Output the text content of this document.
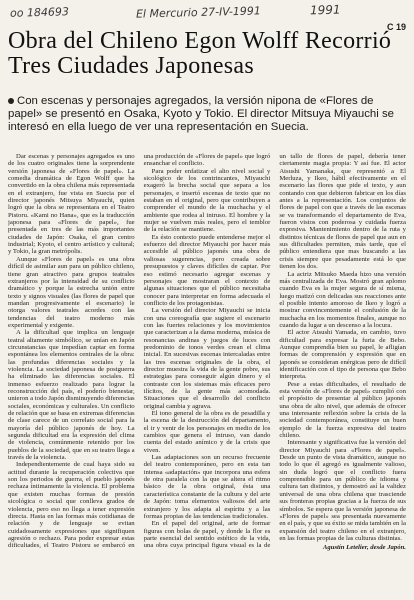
oo 184693	El Mercurio 27-IV-1991	1991
C 19
Obra del Chileno Egon Wolff Recorrió Tres Ciudades Japonesas

Con escenas y personajes agregados, la versión nipona de «Flores de papel» se presentó en Osaka, Kyoto y Tokio. El director Mitsuya Miyauchi se interesó en ella luego de ver una representación en Suecia.

Dar escenas y personajes agregados es uno de los cuatro originales tiene la sorprendente versión japonesa de «Flores de papel». La comedia dramática de Egon Wolff que ha convertido en la obra chilena más representada en el extranjero, fue vista en Suecia por el director japonés Mitsuya Miyauchi, quien logró que la obra se representara en el Teatro Pistoru. «Kami no Hana», que es la traducción japonesa para «Flores de papel», fue presentada en tres de las más importantes ciudades de Japón: Osaka, el gran centro industrial; Kyoto, el centro artístico y cultural; y Tokio, la gran metrópolis.

Aunque «Flores de papel» es una obra difícil de asimilar aun para un público chileno, tiene gran atractivo para grupos teatrales extranjeros por la intensidad de su conflicto dramático y porque la estrecha unión entre texto y signos visuales (las flores de papel que mandan progresivamente el escenario) le otorga valores teatrales acordes con las tendencias del teatro moderno más experimental y exigente.

A la dificultad que implica un lenguaje teatral altamente simbólico, se unían en Japón circunstancias que impedían captar en forma espontánea los elementos centrales de la obra: las profundas diferencias sociales y la violencia. La sociedad japonesa de postguerra ha eliminado las diferencias sociales. El inmenso esfuerzo realizado para lograr la reconstrucción del país, el poderío bienestar, unieron a todo Japón disminuyendo diferencias sociales, económicas y culturales. Un conflicto de relación que se basa en extremas diferencias de clase carece de un correlato social para la mayoría del público japonés de hoy. La segunda dificultad era la expresión del clima de violencia, comúnmente retenido por los pueblos de la sociedad, que en su teatro llega a través de la violencia.

Independientemente de cual haya sido su actitud durante la recuperación colectiva que son los periodos de guerra, el pueblo japonés rechaza íntimamente la violencia. El problema que existen muchas formas de presión sicológica o social que conlleva grados de violencia, pero eso no llega a tener expresión directa. Hasta en las formas más cotidianas de relación y de lenguaje se evitan cuidadosamente expresiones que signifiquen agresión o rechazo. Para poder expresar estas dificultades, el Teatro Pistoru se embarcó en una producción de «Flores de papel» que logró ensanchar el conflicto.

Para poder enfatizar el alto nivel social y sicológico de los contrincantes, Miyauchi exageró la brecha social que separa a los personajes, e insertó escenas de texto que no estaban en el original, pero que contribuyen a comprender el mundo de la muchacha y el ambiente que rodea al intruso. El hombre y la mujer se vuelven más reales, pero el temblor de la relación se mantiene.

Es ésto contexto puede entenderse mejor el esfuerzo del director Miyauchi por hacer más accesible al público japonés una obra de valiosas sugerencias, pero creada sobre presupuestos y claves difíciles de captar. Por eso estimó necesario agregar escenas y personajes que mostraran el contexto de algunas situaciones que el público necesitaba conocer para interpretar en forma adecuada el conflicto de los protagonistas.

La versión del director Miyauchi se inicia con una coreografía que sugiere el escenario con las fuertes relaciones y los movimientos que caracterizan a la dama moderna, música de resonancias andinas y juegos de luces con predominio de tonos verdes crean el clima inicial. En sucesivas escenas intercaladas entre las tres escenas originales de la obra, el director muestra la vida de la gente pobre, sus estrategias para conseguir algún dinero y el contraste con los sistemas más eficaces pero ilícitos, de la gente más acomodada. Situaciones que el desarrollo del conflicto original cambia y agrava.

El tono general de la obra es de pesadilla y la escena de la destrucción del departamento, el ir y venir de los personajes en medio de los cambios que genera el intruso, van dando cuenta del estado anímico y de la crisis que viven.

Las adaptaciones son un recurso frecuente del teatro contemporáneo, pero en esta tan intensa «adaptación» que incorpora una esfera de otra paralela con la que se altera el ritmo básico de la obra original, ésta una característica constante de la cultura y del arte de Japón: toma elementos valiosos del arte extranjero y los adapta al espíritu y a las formas propias de las tendencias tradicionales.

En el papel del original, arte de formar figuras con bolas de papel, y donde la flor es parte esencial del sentido estético de la vida, una obra cuya principal figura visual es la de un tallo de flores de papel, debería tener ciertamente magia propia: Y así fue. El actor Atsushi Yamanaka, que representó a El Merluza, y Ikeo, hábil efectivamente en el escenario las flores que pide el texto, y aun contando con que debieron fabricar en los días antes a la representación. Los conjuntos de flores de papel con que a través de las escenas se va transformando el departamento de Eva, fueron vistos con poderosa y cuidada fuerza expresiva. Mantenimiento dentro de la ruta y distintos técnicas de flores de papel que aun en sus dificultades permiten, más tarde, que el público entendiera que mas buscando a las crisis siempre que pesadamente está lo que tienen los dos.

La actriz Mitsuko Maeda hizo una versión más centralizada de Eva. Mostró gran aplomo cuando Eva es la mujer segura de sí misma, luego matizó con delicadas sus reacciones ante el posible intento amoroso de Ikeo y logró a mostrar convincentemente el confusión de la muchacha en los momentos finales, aunque no cuando da lugar a un descenso a la locura.

El actor Atsushi Yamada, en cambio, tuvo dificultad para expresar la furia de Bebo. Aunque comprendía bien su papel, le afligían formas de comprensión y expresión que en japonés se consideran enérgicas pero de difícil identificación con el tipo de persona que Bebo interpreta.

Pese a estas dificultades, el resultado de esta versión de «Flores de papel» cumplió con el propósito de presentar al público japonés una obra de alto nivel, que además de ofrecer una interesante reflexión sobre la crisis de la sociedad contemporánea, constituye un buen ejemplo de la fuerza expresiva del teatro chileno.

Interesante y significativa fue la versión del director Miyauchi para «Flores de papel». Desde un punto de vista dramático, aunque no todo lo que él agregó es igualmente valioso, sin duda logró que el conflicto fuera comprensible para un público de idioma y cultura tan distintos, y demostró así la validez universal de una obra chilena que trasciende sus fronteras propias gracias a la fuerza de sus símbolos. Se espera que la versión japonesa de «Flores de papel» sea presentada nuevamente en el país, y que su éxito se mida también en la expansión del teatro chileno en el extranjero, en las formas propias de las culturas distintas.

Agustín Letelier, desde Japón.
